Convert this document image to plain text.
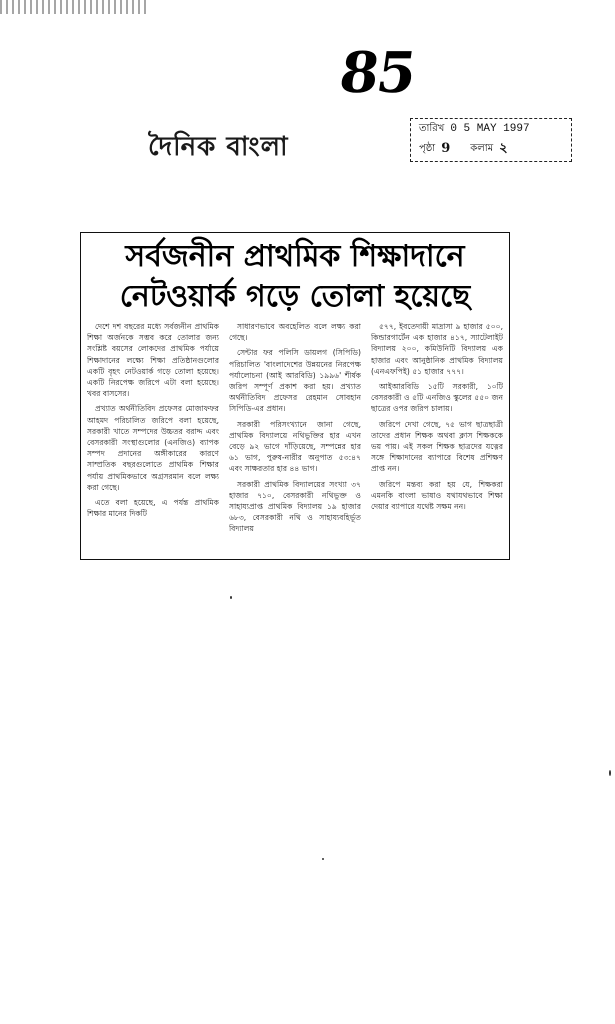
85
দৈনিক বাংলা
তারিখ 0 5 MAY 1997
পৃষ্ঠা 9 কলাম ২
সর্বজনীন প্রাথমিক শিক্ষাদানে
নেটওয়ার্ক গড়ে তোলা হয়েছে

দেশে দশ বছরের মধ্যে সর্বজনীন প্রাথমিক শিক্ষা অর্জনকে সম্ভব করে তোলার জন্য সংশ্লিষ্ট বয়সের লোকদের প্রাথমিক পর্যায়ে শিক্ষাদানের লক্ষ্যে শিক্ষা প্রতিষ্ঠানগুলোর একটি বৃহৎ নেটওয়ার্ক গড়ে তোলা হয়েছে। একটি নিরপেক্ষ জরিপে এটা বলা হয়েছে। খবর বাসসের।

প্রখ্যাত অর্থনীতিবিদ প্রফেসর মোজাফফর আহমদ পরিচালিত জরিপে বলা হয়েছে, সরকারী খাতে সম্পদের উচ্চতর বরাদ্দ এবং বেসরকারী সংস্থাগুলোর (এনজিও) ব্যাপক সম্পদ প্রদানের অঙ্গীকারের কারণে সাম্প্রতিক বছরগুলোতে প্রাথমিক শিক্ষার পর্যায় প্রাথমিকভাবে অগ্রসরমান বলে লক্ষ্য করা গেছে।

এতে বলা হয়েছে, এ পর্যন্ত প্রাথমিক শিক্ষার মানের দিকটি

সাধারণভাবে অবহেলিত বলে লক্ষ্য করা গেছে।

সেন্টার ফর পলিসি ডায়লগ (সিপিডি) পরিচালিত 'বাংলাদেশের উন্নয়নের নিরপেক্ষ পর্যালোচনা (আই আরবিডি) ১৯৯৬' শীর্ষক জরিপ সম্পূর্ণ প্রকাশ করা হয়। প্রখ্যাত অর্থনীতিবিদ প্রফেসর রেহমান সোবহান সিপিডি-এর প্রধান।

সরকারী পরিসংখ্যানে জানা গেছে, প্রাথমিক বিদ্যালয়ে নথিভুক্তির হার এখন বেড়ে ৯২ ভাগে দাঁড়িয়েছে, সম্পন্নের হার ৬১ ভাগ, পুরুষ-নারীর অনুপাত ৫৩:৪৭ এবং সাক্ষরতার হার ৪৪ ভাগ।

সরকারী প্রাথমিক বিদ্যালয়ের সংখ্যা ৩৭ হাজার ৭১০, বেসরকারী নথিভুক্ত ও সাহায্যপ্রাপ্ত প্রাথমিক বিদ্যালয় ১৯ হাজার ৬৮৩, বেসরকারী নথি ও সাহায্যবহির্ভূত বিদ্যালয়

৫৭৭, ইবতেদায়ী মাদ্রাসা ৯ হাজার ৫০০, কিন্ডারগার্টেন এক হাজার ৪১৭, স্যাটেলাইট বিদ্যালয় ২০০, কমিউনিটি বিদ্যালয় এক হাজার এবং আনুষ্ঠানিক প্রাথমিক বিদ্যালয় (এনএফপিই) ৫১ হাজার ৭৭৭।

আইআরবিডি ১৫টি সরকারী, ১০টি বেসরকারী ও ৫টি এনজিও স্কুলের ৫৫০ জন ছাত্রের ওপর জরিপ চালায়।

জরিপে দেখা গেছে, ৭৫ ভাগ ছাত্রছাত্রী তাদের প্রধান শিক্ষক অথবা ক্লাস শিক্ষককে ভয় পায়। এই সকল শিক্ষক ছাত্রদের যত্নের সঙ্গে শিক্ষাদানের ব্যাপারে বিশেষ প্রশিক্ষণ প্রাপ্ত নন।

জরিপে মন্তব্য করা হয় যে, শিক্ষকরা এমনকি বাংলা ভাষাও যথাযথভাবে শিক্ষা দেয়ার ব্যাপারে যথেষ্ট সক্ষম নন।
